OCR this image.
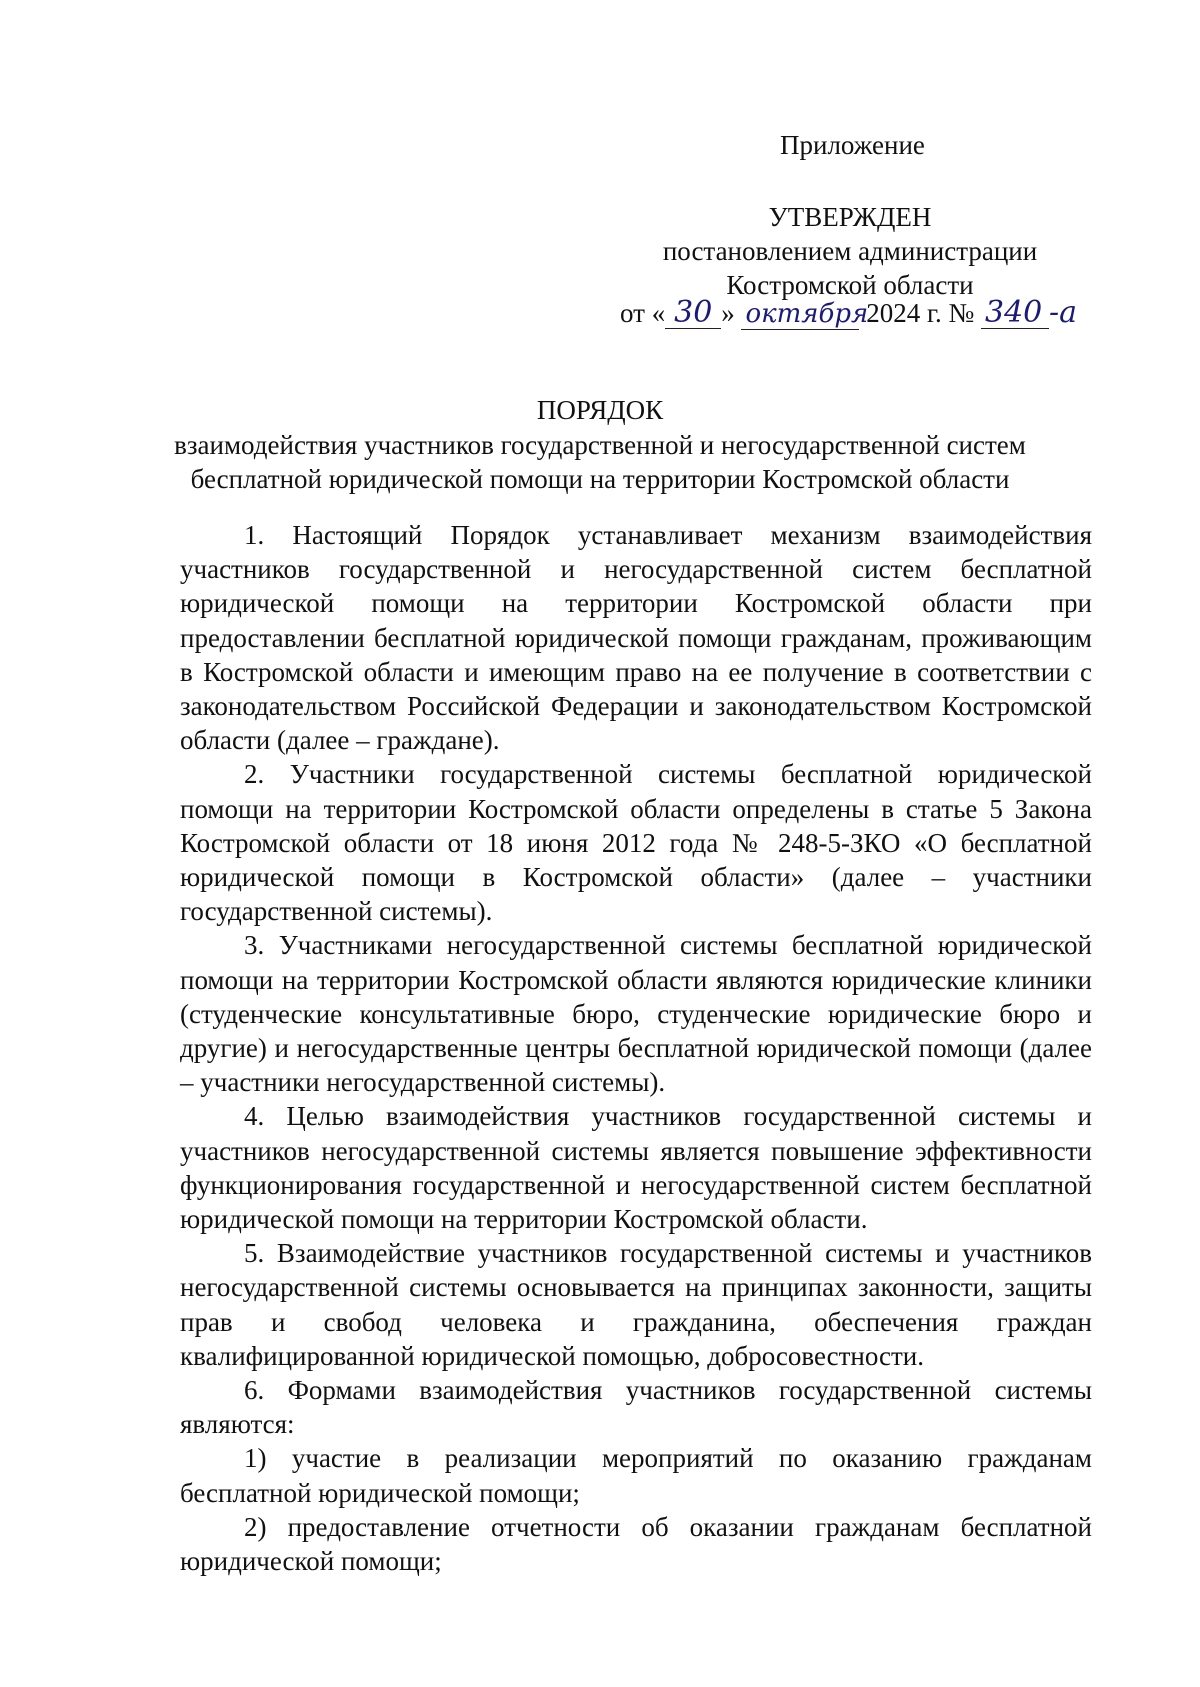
Приложение
УТВЕРЖДЕН
постановлением администрации
Костромской области
от « 30 » октября 2024 г. № 340 -а
ПОРЯДОК
взаимодействия участников государственной и негосударственной систем
бесплатной юридической помощи на территории Костромской области

1. Настоящий Порядок устанавливает механизм взаимодействия участников государственной и негосударственной систем бесплатной юридической помощи на территории Костромской области при предоставлении бесплатной юридической помощи гражданам, проживающим в Костромской области и имеющим право на ее получение в соответствии с законодательством Российской Федерации и законодательством Костромской области (далее – граждане).

2. Участники государственной системы бесплатной юридической помощи на территории Костромской области определены в статье 5 Закона Костромской области от 18 июня 2012 года № 248-5-ЗКО «О бесплатной юридической помощи в Костромской области» (далее – участники государственной системы).

3. Участниками негосударственной системы бесплатной юридической помощи на территории Костромской области являются юридические клиники (студенческие консультативные бюро, студенческие юридические бюро и другие) и негосударственные центры бесплатной юридической помощи (далее – участники негосударственной системы).

4. Целью взаимодействия участников государственной системы и участников негосударственной системы является повышение эффективности функционирования государственной и негосударственной систем бесплатной юридической помощи на территории Костромской области.

5. Взаимодействие участников государственной системы и участников негосударственной системы основывается на принципах законности, защиты прав и свобод человека и гражданина, обеспечения граждан квалифицированной юридической помощью, добросовестности.

6. Формами взаимодействия участников государственной системы являются:

1) участие в реализации мероприятий по оказанию гражданам бесплатной юридической помощи;

2) предоставление отчетности об оказании гражданам бесплатной юридической помощи;
